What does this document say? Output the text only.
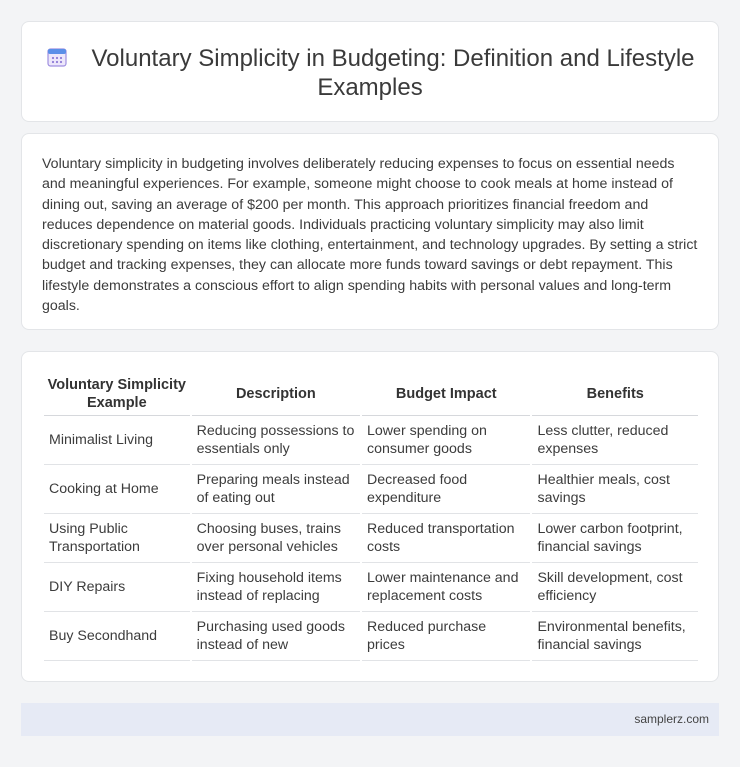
Voluntary Simplicity in Budgeting: Definition and Lifestyle Examples

Voluntary simplicity in budgeting involves deliberately reducing expenses to focus on essential needs and meaningful experiences. For example, someone might choose to cook meals at home instead of dining out, saving an average of $200 per month. This approach prioritizes financial freedom and reduces dependence on material goods. Individuals practicing voluntary simplicity may also limit discretionary spending on items like clothing, entertainment, and technology upgrades. By setting a strict budget and tracking expenses, they can allocate more funds toward savings or debt repayment. This lifestyle demonstrates a conscious effort to align spending habits with personal values and long-term goals.

Voluntary Simplicity Example	Description	Budget Impact	Benefits
Minimalist Living	Reducing possessions to essentials only	Lower spending on consumer goods	Less clutter, reduced expenses
Cooking at Home	Preparing meals instead of eating out	Decreased food expenditure	Healthier meals, cost savings
Using Public Transportation	Choosing buses, trains over personal vehicles	Reduced transportation costs	Lower carbon footprint, financial savings
DIY Repairs	Fixing household items instead of replacing	Lower maintenance and replacement costs	Skill development, cost efficiency
Buy Secondhand	Purchasing used goods instead of new	Reduced purchase prices	Environmental benefits, financial savings
samplerz.com
